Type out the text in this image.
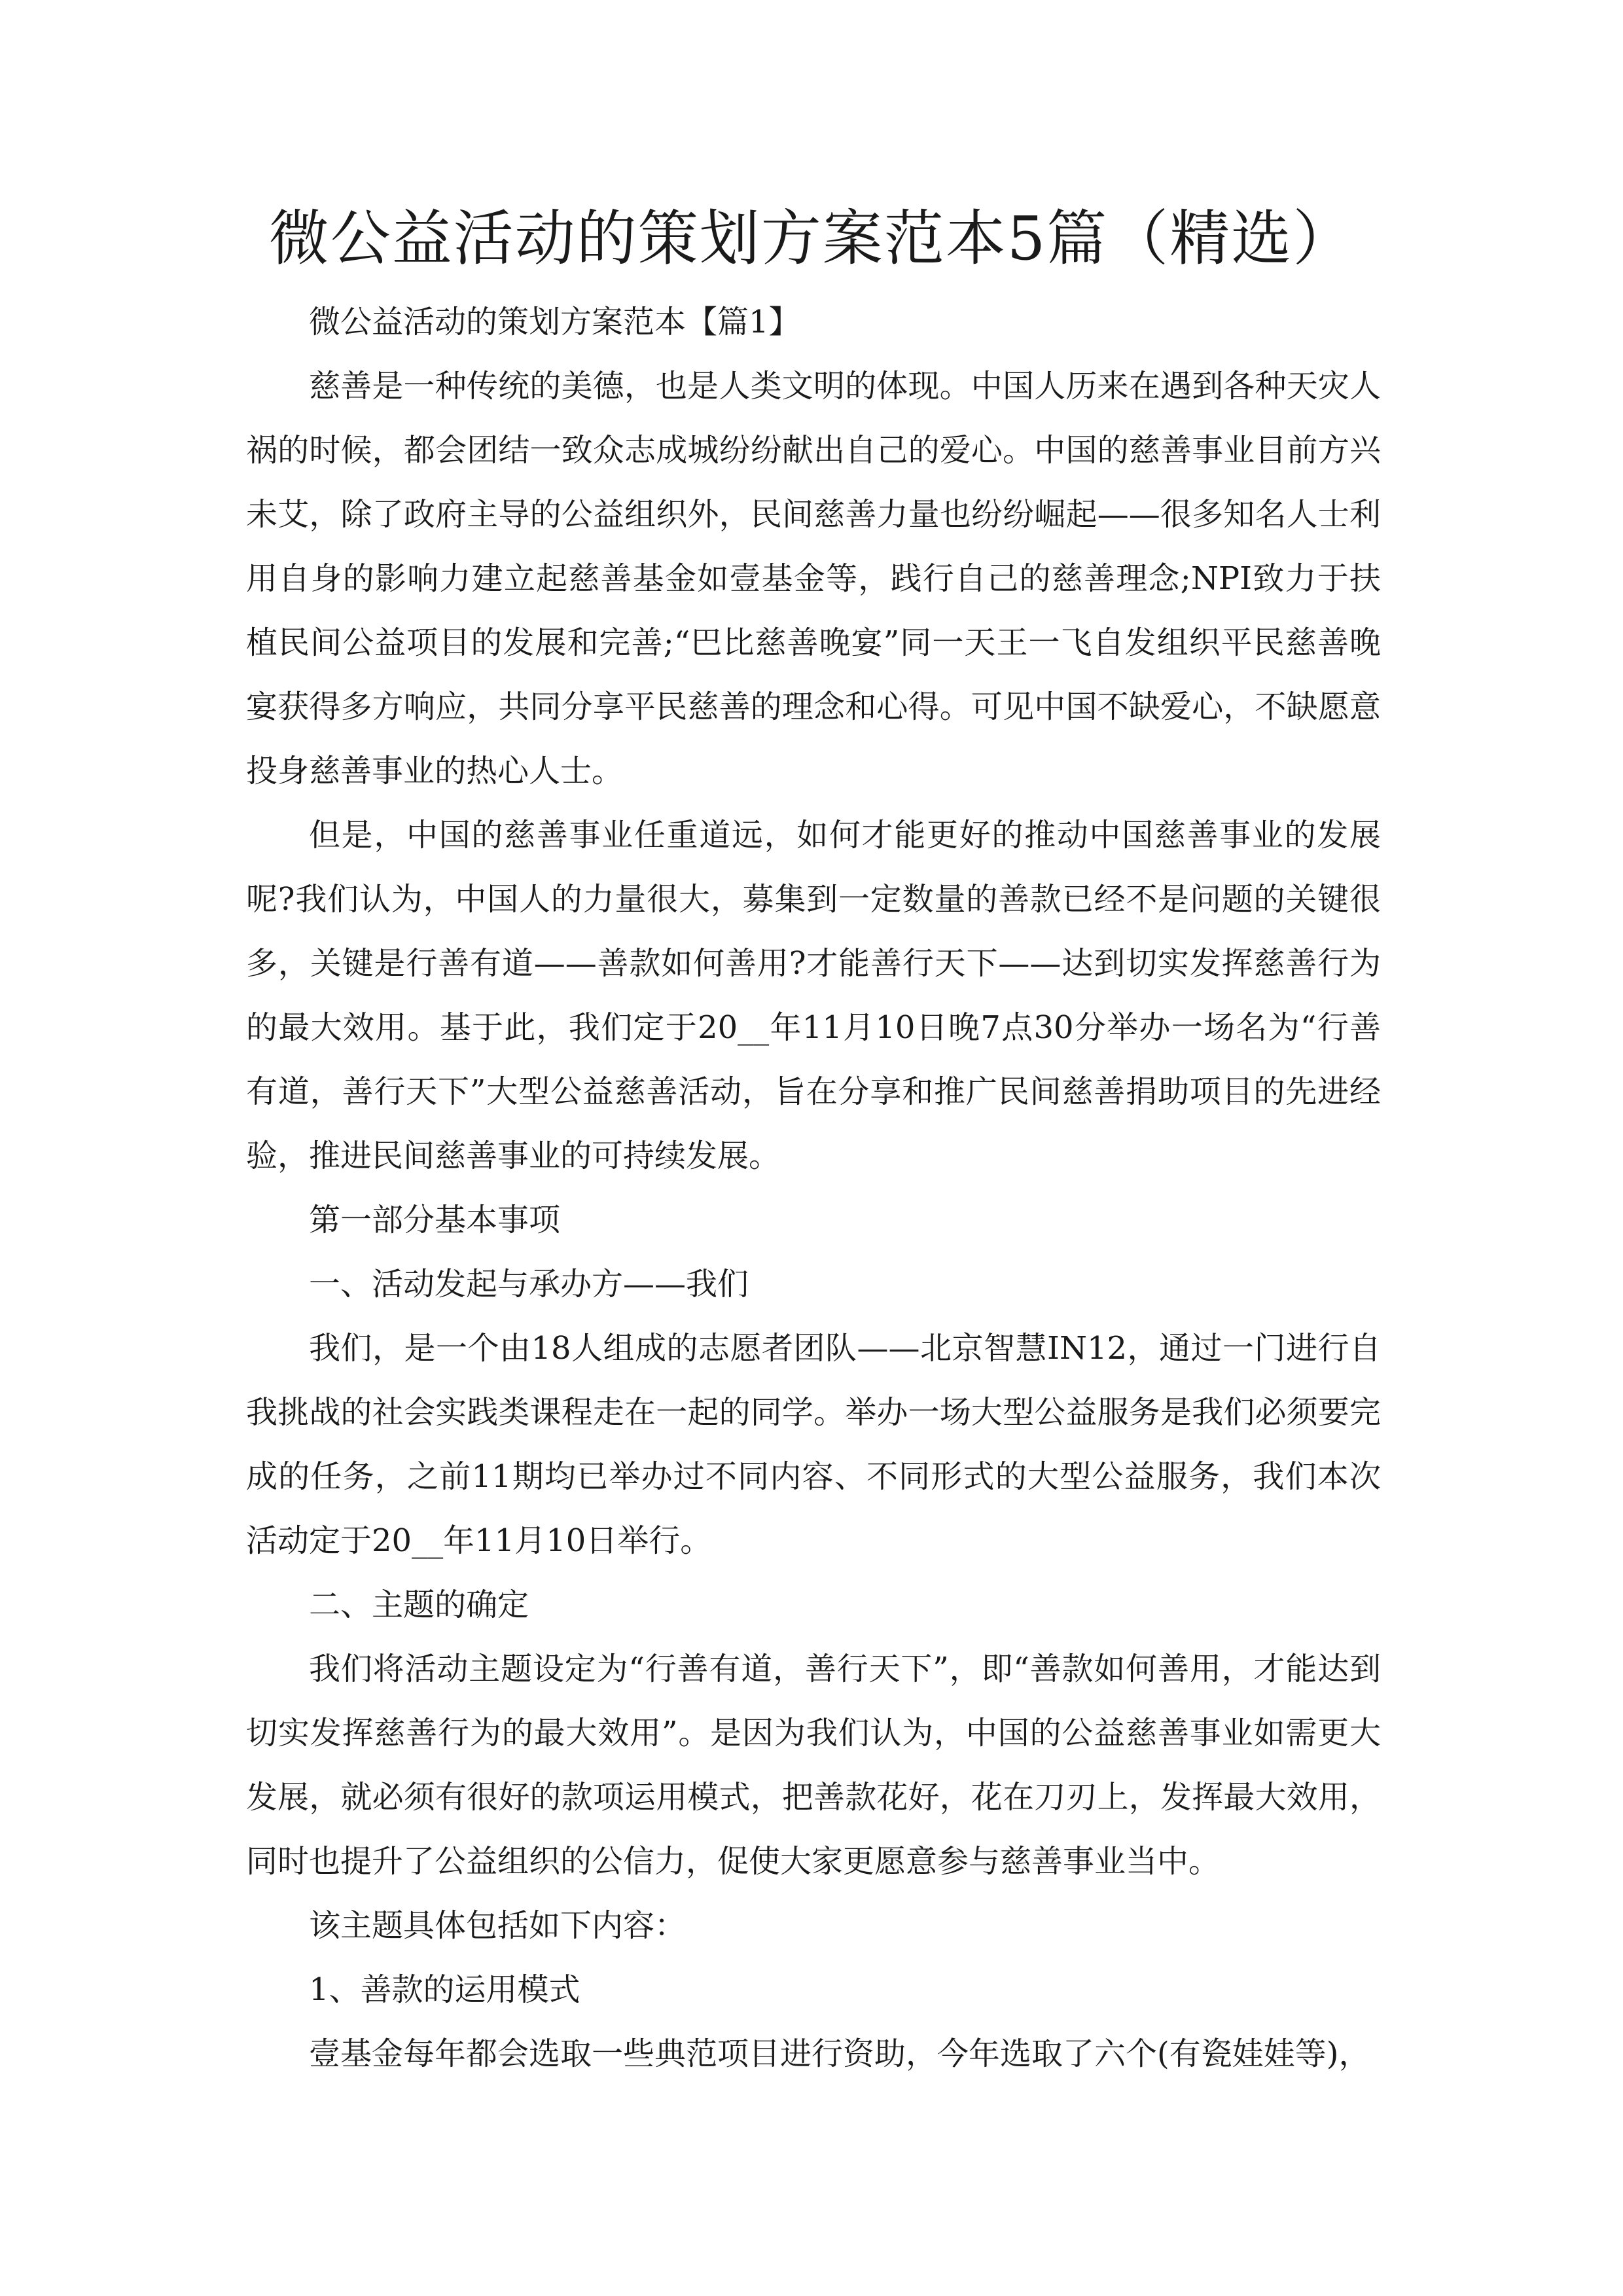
微公益活动的策划方案范本5篇（精选）

微公益活动的策划方案范本【篇1】

慈善是一种传统的美德，也是人类文明的体现。中国人历来在遇到各种天灾人祸的时候，都会团结一致众志成城纷纷献出自己的爱心。中国的慈善事业目前方兴未艾，除了政府主导的公益组织外，民间慈善力量也纷纷崛起——很多知名人士利用自身的影响力建立起慈善基金如壹基金等，践行自己的慈善理念;NPI致力于扶植民间公益项目的发展和完善;“巴比慈善晚宴”同一天王一飞自发组织平民慈善晚宴获得多方响应，共同分享平民慈善的理念和心得。可见中国不缺爱心，不缺愿意投身慈善事业的热心人士。

但是，中国的慈善事业任重道远，如何才能更好的推动中国慈善事业的发展呢?我们认为，中国人的力量很大，募集到一定数量的善款已经不是问题的关键很多，关键是行善有道——善款如何善用?才能善行天下——达到切实发挥慈善行为的最大效用。基于此，我们定于20__年11月10日晚7点30分举办一场名为“行善有道，善行天下”大型公益慈善活动，旨在分享和推广民间慈善捐助项目的先进经验，推进民间慈善事业的可持续发展。

第一部分基本事项

一、活动发起与承办方——我们

我们，是一个由18人组成的志愿者团队——北京智慧IN12，通过一门进行自我挑战的社会实践类课程走在一起的同学。举办一场大型公益服务是我们必须要完成的任务，之前11期均已举办过不同内容、不同形式的大型公益服务，我们本次活动定于20__年11月10日举行。

二、主题的确定

我们将活动主题设定为“行善有道，善行天下”，即“善款如何善用，才能达到切实发挥慈善行为的最大效用”。是因为我们认为，中国的公益慈善事业如需更大发展，就必须有很好的款项运用模式，把善款花好，花在刀刃上，发挥最大效用，同时也提升了公益组织的公信力，促使大家更愿意参与慈善事业当中。

该主题具体包括如下内容：

1、善款的运用模式

壹基金每年都会选取一些典范项目进行资助，今年选取了六个(有瓷娃娃等)，
